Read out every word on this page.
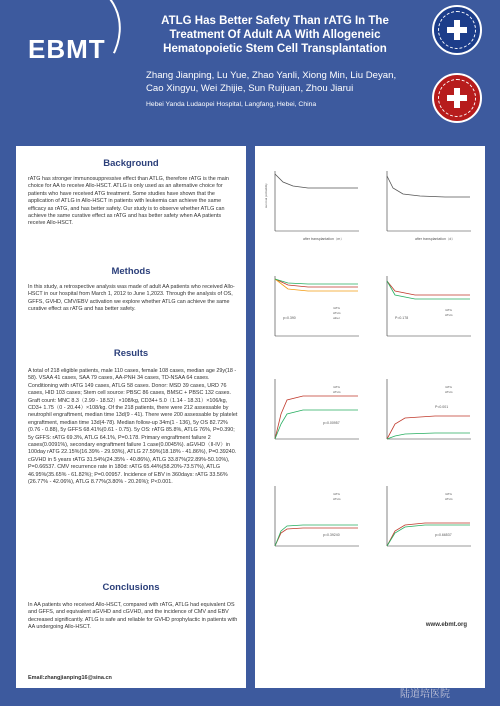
EBMT
ATLG Has Better Safety Than rATG In The Treatment Of Adult AA With Allogeneic Hematopoietic Stem Cell Transplantation
Zhang Jianping, Lu Yue, Zhao Yanli, Xiong Min, Liu Deyan, Cao Xingyu, Wei Zhijie, Sun Ruijuan, Zhou Jiarui
Hebei Yanda Ludaopei Hospital, Langfang, Hebei, China
Background
rATG has stronger immunosuppressive effect than ATLG, therefore rATG is the main choice for AA to receive Allo-HSCT. ATLG is only used as an alternative choice for patients who have received ATG treatment. Some studies have shown that the application of ATLG in Allo-HSCT in patients with leukemia can achieve the same efficacy as rATG, and has better safety. Our study is to observe whether ATLG can achieve the same curative effect as rATG and has better safety when AA patients receive Allo-HSCT.
Methods
In this study, a retrospective analysis was made of adult AA patients who received Allo-HSCT in our hospital from March 1, 2012 to June 1,2023. Through the analysis of OS, GFFS, GVHD, CMV/EBV activation we explore whether ATLG can achieve the same curative effect as rATG and has better safety.
Results
A total of 218 eligible patients, male 110 cases, female 108 cases, median age 29y(18 - 58). VSAA 41 cases, SAA 79 cases, AA-PNH 34 cases, TD-NSAA 64 cases. Conditioning with rATG 149 cases, ATLG 58 cases. Donor: MSD 39 cases, URD 76 cases, HID 103 cases; Stem cell source: PBSC 86 cases, BMSC + PBSC 132 cases. Graft count: MNC 8.3（2.99 - 18.52）×108/kg, CD34+ 5.0（1.14 - 18.31）×106/kg, CD3+ 1.75（0 - 20.44）×108/kg. Of the 218 patients, there were 212 assessable by neutrophil engraftment, median time 13d(9 - 41). There were 200 assessable by platelet engraftment, median time 13d(4-78). Median follow-up 34m(1 - 136), 5y OS 82.72%(0.76 - 0.88), 5y GFFS 68.41%(0.61 - 0.75). 5y OS: rATG 85.8%, ATLG 76%, P=0.390; 5y GFFS: rATG 69.3%, ATLG 64.1%, P=0.178. Primary engraftment failure 2 cases(0.0091%), secondary engraftment failure 1 case(0.0045%). aGVHD（II-IV）in 100day rATG 22.15%(16.39% - 29.93%), ATLG 27.59%(18.18% - 41.86%), P=0.39240. cGVHD in 5 years rATG 31.54%(24.35% - 40.86%), ATLG 33.87%(22.89%-50.10%), P=0.66537. CMV recurrence rate in 180d: rATG 65.44%(58.20%-73.57%), ATLG 46.95%(35.65% - 61.82%); P=0.00957. Incidence of EBV in 360days: rATG 33.56%(26.77% - 42.06%), ATLG 8.77%(3.80% - 20.26%); P<0.001.
Conclusions
In AA patients who received Allo-HSCT, compared with rATG, ATLG had equivalent OS and GFFS, and equivalent aGVHD and cGVHD, and the incidence of CMV and EBV decreased significantly. ATLG is safe and reliable for GVHD prophylactic in patients with AA undergoing Allo-HSCT.
Email:zhangjianping16@sina.cn
survival probability
after transplantation（m）	after transplantation（d）
p=0.390
rATG
ATLG
other	P=0.178
rATG
ATLG
p=0.00957
rATG
ATLG
P<0.001
rATG
ATLG
p=0.39240
rATG
ATLG
p=0.66537
rATG
ATLG
www.ebmt.org
陆道培医院
